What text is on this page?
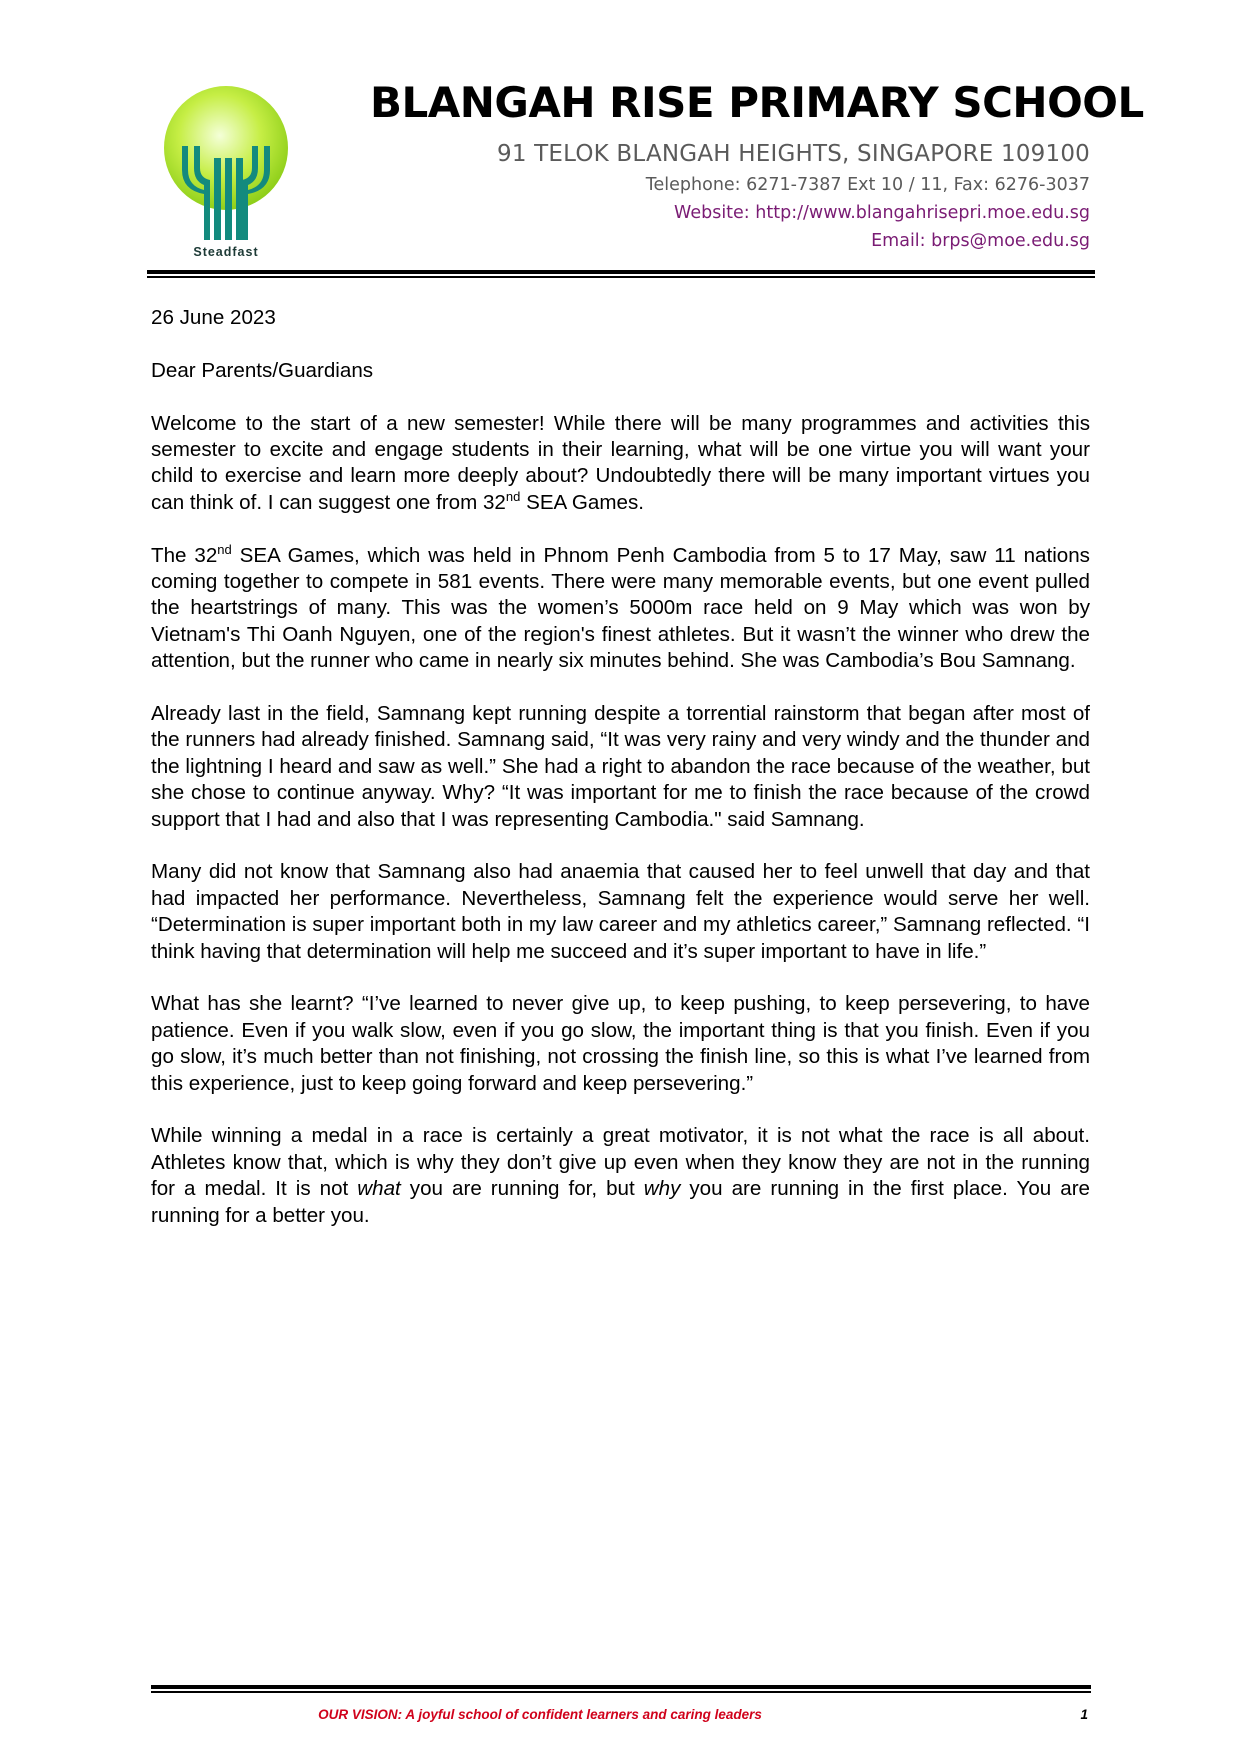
Steadfast
BLANGAH RISE PRIMARY SCHOOL
91 TELOK BLANGAH HEIGHTS, SINGAPORE 109100
Telephone: 6271-7387 Ext 10 / 11, Fax: 6276-3037
Website: http://www.blangahrisepri.moe.edu.sg
Email: brps@moe.edu.sg

26 June 2023

Dear Parents/Guardians

Welcome to the start of a new semester! While there will be many programmes and activities this semester to excite and engage students in their learning, what will be one virtue you will want your child to exercise and learn more deeply about? Undoubtedly there will be many important virtues you can think of. I can suggest one from 32nd SEA Games.

The 32nd SEA Games, which was held in Phnom Penh Cambodia from 5 to 17 May, saw 11 nations coming together to compete in 581 events. There were many memorable events, but one event pulled the heartstrings of many. This was the women’s 5000m race held on 9 May which was won by Vietnam's Thi Oanh Nguyen, one of the region's finest athletes. But it wasn’t the winner who drew the attention, but the runner who came in nearly six minutes behind. She was Cambodia’s Bou Samnang.

Already last in the field, Samnang kept running despite a torrential rainstorm that began after most of the runners had already finished. Samnang said, “It was very rainy and very windy and the thunder and the lightning I heard and saw as well.” She had a right to abandon the race because of the weather, but she chose to continue anyway. Why? “It was important for me to finish the race because of the crowd support that I had and also that I was representing Cambodia." said Samnang.

Many did not know that Samnang also had anaemia that caused her to feel unwell that day and that had impacted her performance. Nevertheless, Samnang felt the experience would serve her well. “Determination is super important both in my law career and my athletics career,” Samnang reflected. “I think having that determination will help me succeed and it’s super important to have in life.”

What has she learnt? “I’ve learned to never give up, to keep pushing, to keep persevering, to have patience. Even if you walk slow, even if you go slow, the important thing is that you finish. Even if you go slow, it’s much better than not finishing, not crossing the finish line, so this is what I’ve learned from this experience, just to keep going forward and keep persevering.”

While winning a medal in a race is certainly a great motivator, it is not what the race is all about. Athletes know that, which is why they don’t give up even when they know they are not in the running for a medal. It is not what you are running for, but why you are running in the first place. You are running for a better you.

OUR VISION: A joyful school of confident learners and caring leaders	1
